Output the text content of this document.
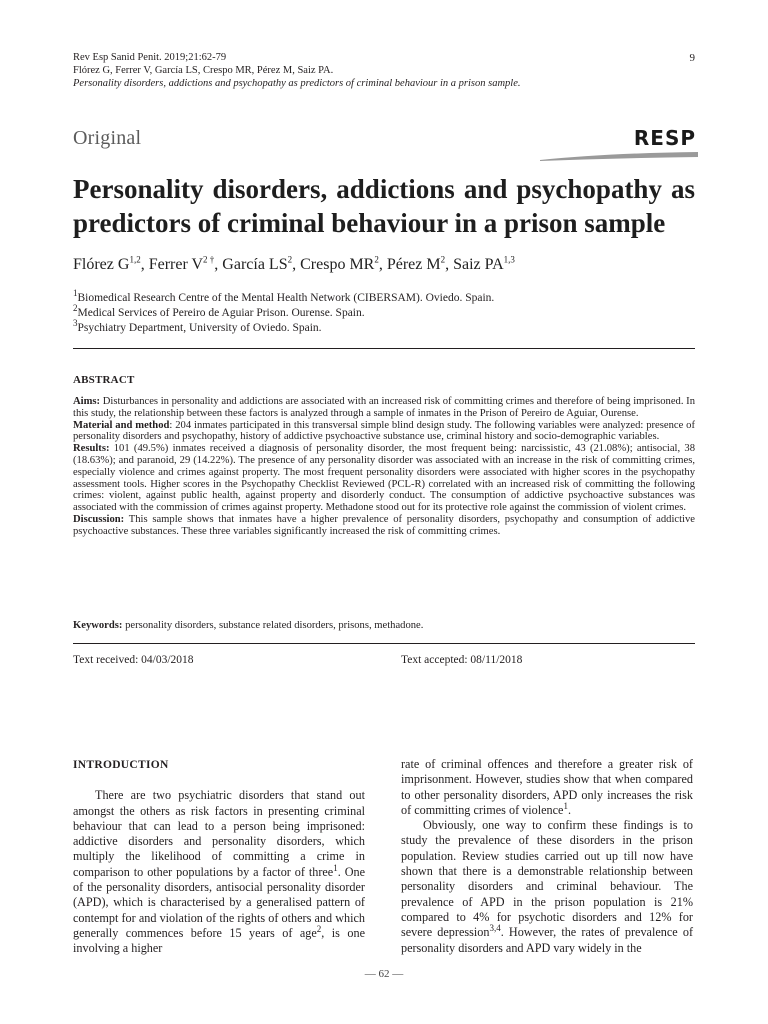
Rev Esp Sanid Penit. 2019;21:62-79
Flórez G, Ferrer V, García LS, Crespo MR, Pérez M, Saiz PA.
Personality disorders, addictions and psychopathy as predictors of criminal behaviour in a prison sample.
9
Original	RESP
Personality disorders, addictions and psychopathy as predictors of criminal behaviour in a prison sample
Flórez G$^{1,2}$, Ferrer $V^{2 \dagger}$, García $LS^2$, Crespo $MR^2$, Pérez $M^2$, Saiz PA$^{1,3}$
$^1$Biomedical Research Centre of the Mental Health Network (CIBERSAM). Oviedo. Spain.
$^2$Medical Services of Pereiro de Aguiar Prison. Ourense. Spain.
$^3$Psychiatry Department, University of Oviedo. Spain.
ABSTRACT

Aims: Disturbances in personality and addictions are associated with an increased risk of committing crimes and therefore of being imprisoned. In this study, the relationship between these factors is analyzed through a sample of inmates in the Prison of Pereiro de Aguiar, Ourense.

Material and method: 204 inmates participated in this transversal simple blind design study. The following variables were analyzed: presence of personality disorders and psychopathy, history of addictive psychoactive substance use, criminal history and socio-demographic variables.

Results: 101 (49.5%) inmates received a diagnosis of personality disorder, the most frequent being: narcissistic, 43 (21.08%); antisocial, 38 (18.63%); and paranoid, 29 (14.22%). The presence of any personality disorder was associated with an increase in the risk of committing crimes, especially violence and crimes against property. The most frequent personality disorders were associated with higher scores in the psychopathy assessment tools. Higher scores in the Psychopathy Checklist Reviewed (PCL-R) correlated with an increased risk of committing the following crimes: violent, against public health, against property and disorderly conduct. The consumption of addictive psychoactive substances was associated with the commission of crimes against property. Methadone stood out for its protective role against the commission of violent crimes.

Discussion: This sample shows that inmates have a higher prevalence of personality disorders, psychopathy and consumption of addictive psychoactive substances. These three variables significantly increased the risk of committing crimes.

Keywords: personality disorders, substance related disorders, prisons, methadone.
Text received: 04/03/2018	Text accepted: 08/11/2018

INTRODUCTION

There are two psychiatric disorders that stand out amongst the others as risk factors in presenting criminal behaviour that can lead to a person being imprisoned: addictive disorders and personality disorders, which multiply the likelihood of committing a crime in comparison to other populations by a factor of three$^1$. One of the personality disorders, antisocial personality disorder (APD), which is characterised by a generalised pattern of contempt for and violation of the rights of others and which generally commences before 15 years of age$^2$, is one involving a higher

rate of criminal offences and therefore a greater risk of imprisonment. However, studies show that when compared to other personality disorders, APD only increases the risk of committing crimes of violence$^1$.

Obviously, one way to confirm these findings is to study the prevalence of these disorders in the prison population. Review studies carried out up till now have shown that there is a demonstrable relationship between personality disorders and criminal behaviour. The prevalence of APD in the prison population is 21% compared to 4% for psychotic disorders and 12% for severe depression$^{3,4}$. However, the rates of prevalence of personality disorders and APD vary widely in the

— 62 —
